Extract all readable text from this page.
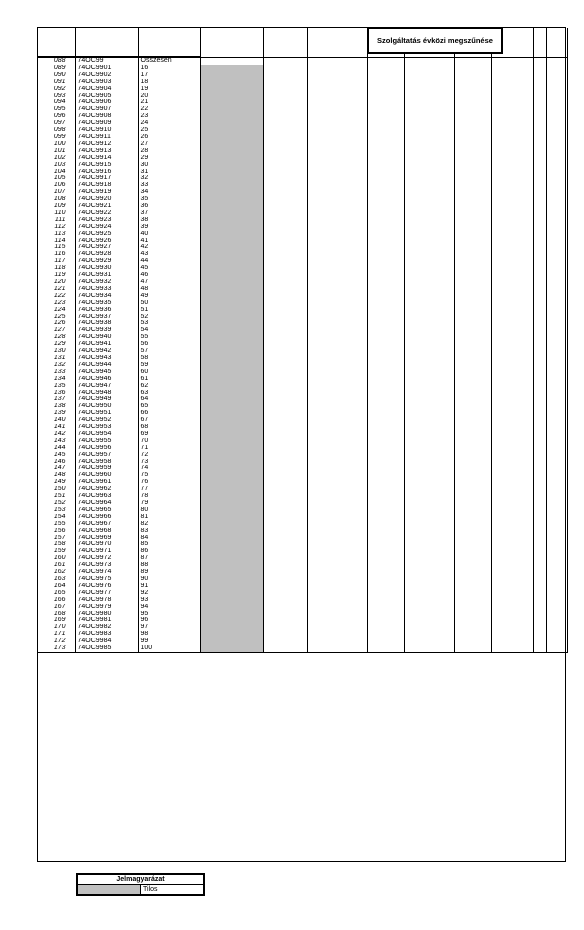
088	74OC99	Összesen									
089	74OC9901	16									
090	74OC9902	17									
091	74OC9903	18									
092	74OC9904	19									
093	74OC9905	20									
094	74OC9906	21									
095	74OC9907	22									
096	74OC9908	23									
097	74OC9909	24									
098	74OC9910	25									
099	74OC9911	26									
100	74OC9912	27									
101	74OC9913	28									
102	74OC9914	29									
103	74OC9915	30									
104	74OC9916	31									
105	74OC9917	32									
106	74OC9918	33									
107	74OC9919	34									
108	74OC9920	35									
109	74OC9921	36									
110	74OC9922	37									
111	74OC9923	38									
112	74OC9924	39									
113	74OC9925	40									
114	74OC9926	41									
115	74OC9927	42									
116	74OC9928	43									
117	74OC9929	44									
118	74OC9930	45									
119	74OC9931	46									
120	74OC9932	47									
121	74OC9933	48									
122	74OC9934	49									
123	74OC9935	50									
124	74OC9936	51									
125	74OC9937	52									
126	74OC9938	53									
127	74OC9939	54									
128	74OC9940	55									
129	74OC9941	56									
130	74OC9942	57									
131	74OC9943	58									
132	74OC9944	59									
133	74OC9945	60									
134	74OC9946	61									
135	74OC9947	62									
136	74OC9948	63									
137	74OC9949	64									
138	74OC9950	65									
139	74OC9951	66									
140	74OC9952	67									
141	74OC9953	68									
142	74OC9954	69									
143	74OC9955	70									
144	74OC9956	71									
145	74OC9957	72									
146	74OC9958	73									
147	74OC9959	74									
148	74OC9960	75									
149	74OC9961	76									
150	74OC9962	77									
151	74OC9963	78									
152	74OC9964	79									
153	74OC9965	80									
154	74OC9966	81									
155	74OC9967	82									
156	74OC9968	83									
157	74OC9969	84									
158	74OC9970	85									
159	74OC9971	86									
160	74OC9972	87									
161	74OC9973	88									
162	74OC9974	89									
163	74OC9975	90									
164	74OC9976	91									
165	74OC9977	92									
166	74OC9978	93									
167	74OC9979	94									
168	74OC9980	95									
169	74OC9981	96									
170	74OC9982	97									
171	74OC9983	98									
172	74OC9984	99									
173	74OC9985	100									
Szolgáltatás évközi megszűnése
Jelmagyarázat
	Tilos
